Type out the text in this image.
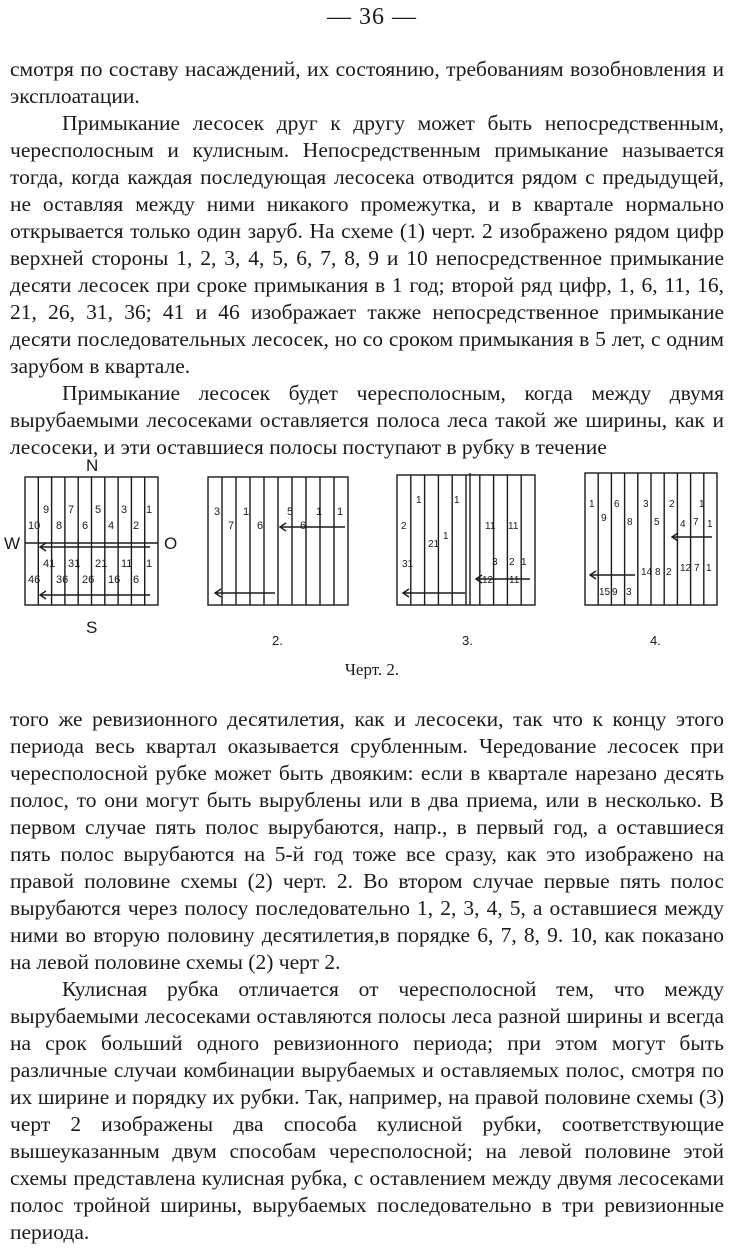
— 36 —

смотря по составу насаждений, их состоянию, требованиям возобновления и эксплоатации.

Примыкание лесосек друг к другу может быть непосредственным, чересполосным и кулисным. Непосредственным примыкание называется тогда, когда каждая последующая лесосека отводится рядом с предыдущей, не оставляя между ними никакого промежутка, и в квартале нормально открывается только один заруб. На схеме (1) черт. 2 изображено рядом цифр верхней стороны 1, 2, 3, 4, 5, 6, 7, 8, 9 и 10 непосредственное примыкание десяти лесосек при сроке примыкания в 1 год; второй ряд цифр, 1, 6, 11, 16, 21, 26, 31, 36; 41 и 46 изображает также непосредственное примыкание десяти последовательных лесосек, но со сроком примыкания в 5 лет, с одним зарубом в квартале.

Примыкание лесосек будет чересполосным, когда между двумя вырубаемыми лесосеками оставляется полоса леса такой же ширины, как и лесосеки, и эти оставшиеся полосы поступают в рубку в течение

N
S
W	O
9 7 5 3 1
10 8 6 4 2
41 31 21 11 1
46 36 26 16 6
3 1
7 6	6
5 1 1
2.
1	1
2	11 11
1
21
31	3 2 1
12 11
3.
1 6 3 2 1
9 8 5 4 7 1
14 8 2 12 7 1
15 9 3
4.
Черт. 2.

того же ревизионного десятилетия, как и лесосеки, так что к концу этого периода весь квартал оказывается срубленным. Чередование лесосек при чересполосной рубке может быть двояким: если в квартале нарезано десять полос, то они могут быть вырублены или в два приема, или в несколько. В первом случае пять полос вырубаются, напр., в первый год, а оставшиеся пять полос вырубаются на 5-й год тоже все сразу, как это изображено на правой половине схемы (2) черт. 2. Во втором случае первые пять полос вырубаются через полосу последовательно 1, 2, 3, 4, 5, а оставшиеся между ними во вторую половину десятилетия,в порядке 6, 7, 8, 9. 10, как показано на левой половине схемы (2) черт 2.

Кулисная рубка отличается от чересполосной тем, что между вырубаемыми лесосеками оставляются полосы леса разной ширины и всегда на срок больший одного ревизионного периода; при этом могут быть различные случаи комбинации вырубаемых и оставляемых полос, смотря по их ширине и порядку их рубки. Так, например, на правой половине схемы (3) черт 2 изображены два способа кулисной рубки, соответствующие вышеуказанным двум способам чересполосной; на левой половине этой схемы представлена кулисная рубка, с оставлением между двумя лесосеками полос тройной ширины, вырубаемых последовательно в три ревизионные периода.
